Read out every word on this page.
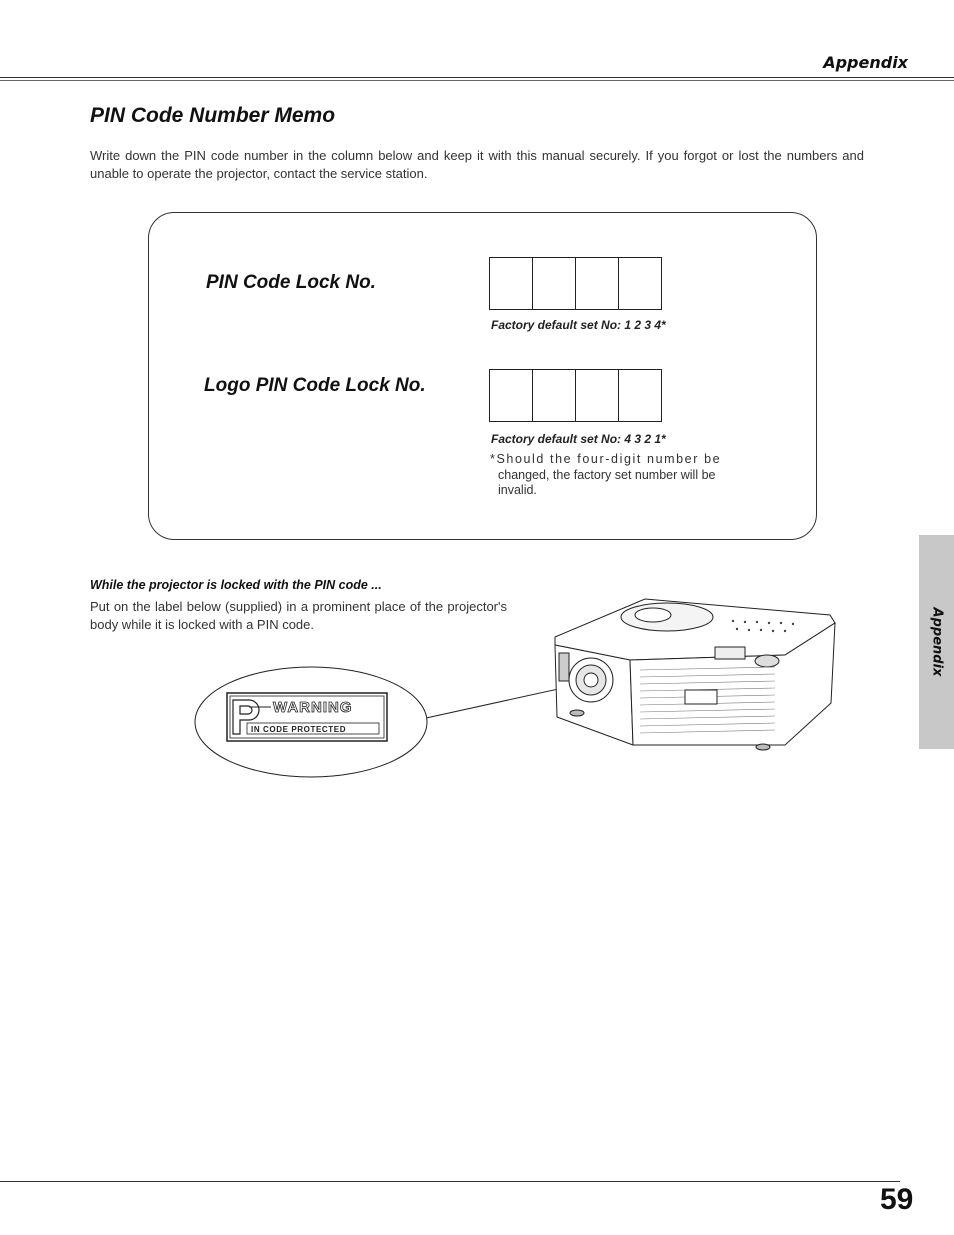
Appendix
PIN Code Number Memo
Write down the PIN code number in the column below and keep it with this manual securely. If you forgot or lost the numbers and unable to operate the projector, contact the service station.
PIN Code Lock No.
Factory default set No: 1 2 3 4*
Logo PIN Code Lock No.
Factory default set No: 4 3 2 1*
*Should the four-digit number be
changed, the factory set number will be invalid.
While the projector is locked with the PIN code ...
Put on the label below (supplied) in a prominent place of the projector's body while it is locked with a PIN code.
WARNING
IN CODE PROTECTED
Appendix
59
